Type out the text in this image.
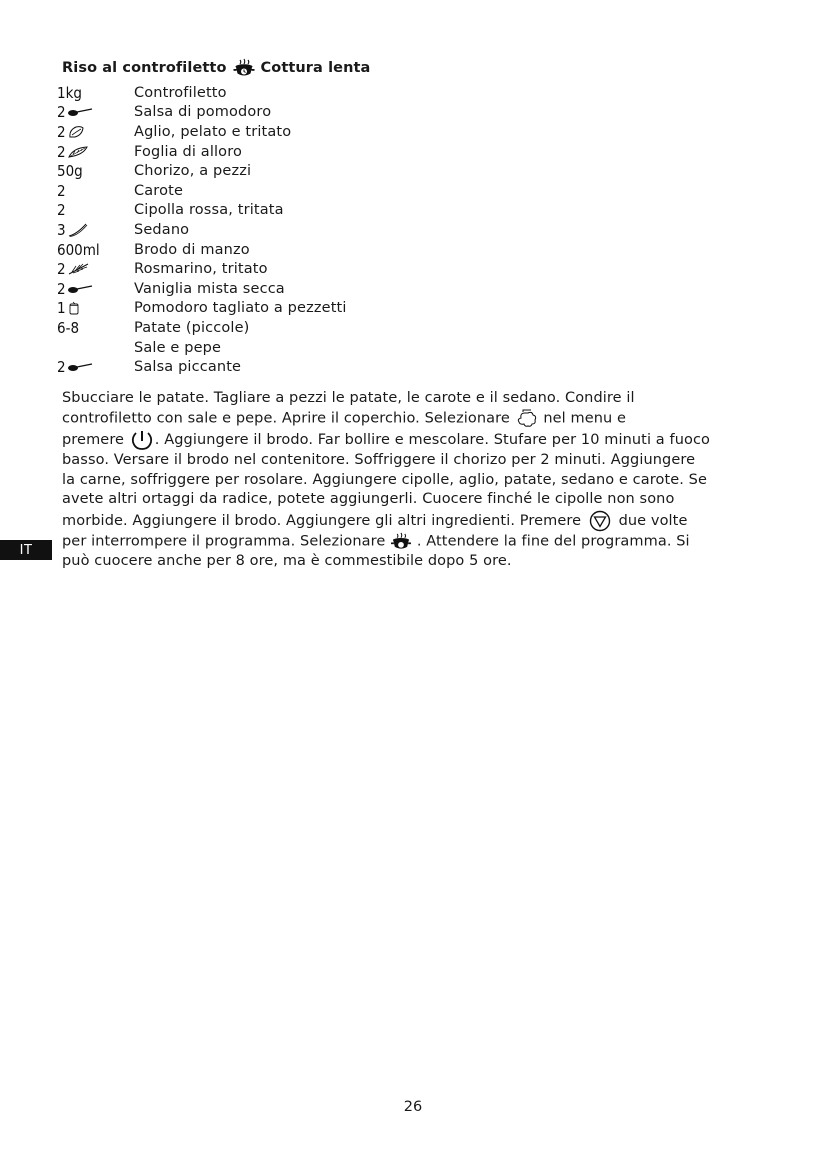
Riso al controfiletto Cottura lenta
1kg	Controfiletto
2	Salsa di pomodoro
2	Aglio, pelato e tritato
2	Foglia di alloro
50g	Chorizo, a pezzi
2	Carote
2	Cipolla rossa, tritata
3	Sedano
600ml Brodo di manzo
2	Rosmarino, tritato
2	Vaniglia mista secca
1	Pomodoro tagliato a pezzetti
6-8	Patate (piccole)
Sale e pepe
2	Salsa piccante

Sbucciare le patate. Tagliare a pezzi le patate, le carote e il sedano. Condire il

controfiletto con sale e pepe. Aprire il coperchio. Selezionare nel menu e

premere . Aggiungere il brodo. Far bollire e mescolare. Stufare per 10 minuti a fuoco

basso. Versare il brodo nel contenitore. Soffriggere il chorizo per 2 minuti. Aggiungere

la carne, soffriggere per rosolare. Aggiungere cipolle, aglio, patate, sedano e carote. Se

avete altri ortaggi da radice, potete aggiungerli. Cuocere finché le cipolle non sono

morbide. Aggiungere il brodo. Aggiungere gli altri ingredienti. Premere	due volte

per interrompere il programma. Selezionare . Attendere la fine del programma. Si

può cuocere anche per 8 ore, ma è commestibile dopo 5 ore.

IT
26
